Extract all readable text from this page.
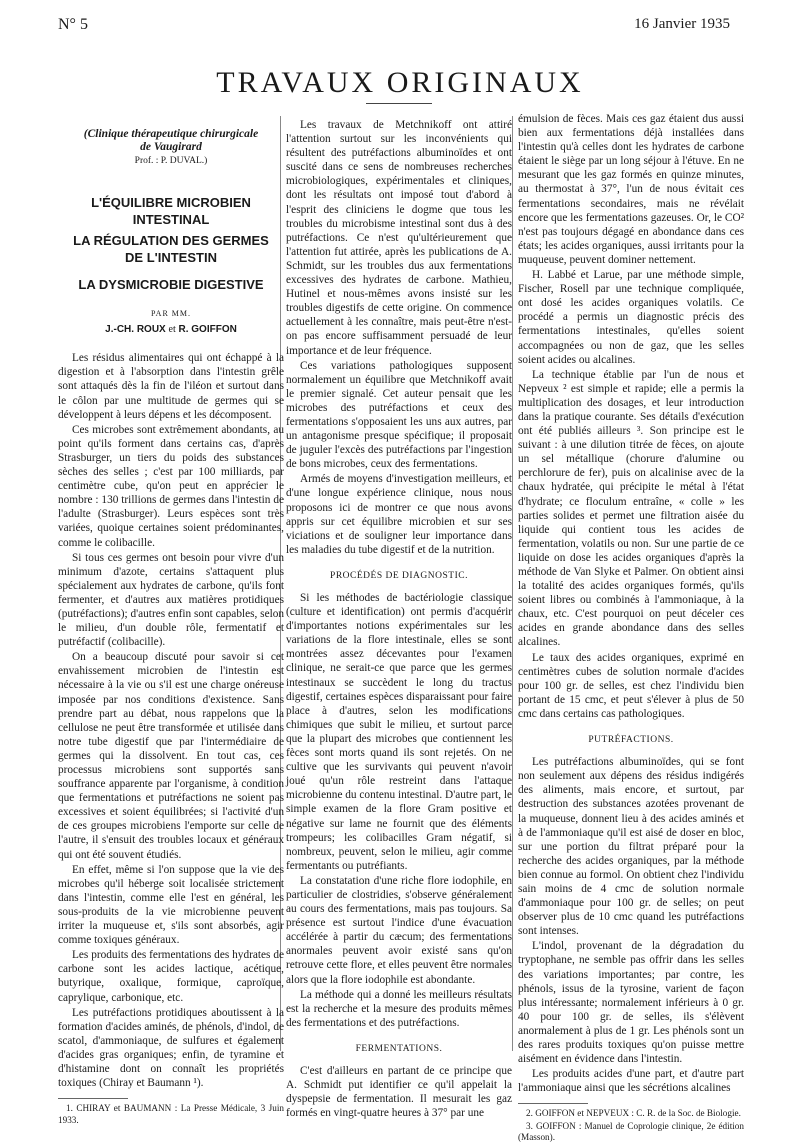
N° 5	16 Janvier 1935
TRAVAUX ORIGINAUX
(Clinique thérapeutique chirurgicale
de Vaugirard
Prof. : P. DUVAL.)
L'ÉQUILIBRE MICROBIEN
INTESTINAL
LA RÉGULATION DES GERMES
DE L'INTESTIN
LA DYSMICROBIE DIGESTIVE
PAR MM.
J.-CH. ROUX et R. GOIFFON

Les résidus alimentaires qui ont échappé à la digestion et à l'absorption dans l'intestin grêle sont attaqués dès la fin de l'iléon et surtout dans le côlon par une multitude de germes qui se développent à leurs dépens et les décomposent.

Ces microbes sont extrêmement abondants, au point qu'ils forment dans certains cas, d'après Strasburger, un tiers du poids des substances sèches des selles ; c'est par 100 milliards, par centimètre cube, qu'on peut en apprécier le nombre : 130 trillions de germes dans l'intestin de l'adulte (Strasburger). Leurs espèces sont très variées, quoique certaines soient prédominantes, comme le colibacille.

Si tous ces germes ont besoin pour vivre d'un minimum d'azote, certains s'attaquent plus spécialement aux hydrates de carbone, qu'ils font fermenter, et d'autres aux matières protidiques (putréfactions); d'autres enfin sont capables, selon le milieu, d'un double rôle, fermentatif et putréfactif (colibacille).

On a beaucoup discuté pour savoir si cet envahissement microbien de l'intestin est nécessaire à la vie ou s'il est une charge onéreuse imposée par nos conditions d'existence. Sans prendre part au débat, nous rappelons que la cellulose ne peut être transformée et utilisée dans notre tube digestif que par l'intermédiaire de germes qui la dissolvent. En tout cas, ces processus microbiens sont supportés sans souffrance apparente par l'organisme, à condition que fermentations et putréfactions ne soient pas excessives et soient équilibrées; si l'activité d'un de ces groupes microbiens l'emporte sur celle de l'autre, il s'ensuit des troubles locaux et généraux qui ont été souvent étudiés.

En effet, même si l'on suppose que la vie des microbes qu'il héberge soit localisée strictement dans l'intestin, comme elle l'est en général, les sous-produits de la vie microbienne peuvent irriter la muqueuse et, s'ils sont absorbés, agir comme toxiques généraux.

Les produits des fermentations des hydrates de carbone sont les acides lactique, acétique, butyrique, oxalique, formique, caproïque, caprylique, carbonique, etc.

Les putréfactions protidiques aboutissent à la formation d'acides aminés, de phénols, d'indol, de scatol, d'ammoniaque, de sulfures et également d'acides gras organiques; enfin, de tyramine et d'histamine dont on connaît les propriétés toxiques (Chiray et Baumann ¹).

1. CHIRAY et BAUMANN : La Presse Médicale, 3 Juin 1933.

Les travaux de Metchnikoff ont attiré l'attention surtout sur les inconvénients qui résultent des putréfactions albuminoïdes et ont suscité dans ce sens de nombreuses recherches microbiologiques, expérimentales et cliniques, dont les résultats ont imposé tout d'abord à l'esprit des cliniciens le dogme que tous les troubles du microbisme intestinal sont dus à des putréfactions. Ce n'est qu'ultérieurement que l'attention fut attirée, après les publications de A. Schmidt, sur les troubles dus aux fermentations excessives des hydrates de carbone. Mathieu, Hutinel et nous-mêmes avons insisté sur les troubles digestifs de cette origine. On commence actuellement à les connaître, mais peut-être n'est-on pas encore suffisamment persuadé de leur importance et de leur fréquence.

Ces variations pathologiques supposent normalement un équilibre que Metchnikoff avait le premier signalé. Cet auteur pensait que les microbes des putréfactions et ceux des fermentations s'opposaient les uns aux autres, par un antagonisme presque spécifique; il proposait de juguler l'excès des putréfactions par l'ingestion de bons microbes, ceux des fermentations.

Armés de moyens d'investigation meilleurs, et d'une longue expérience clinique, nous nous proposons ici de montrer ce que nous avons appris sur cet équilibre microbien et sur ses viciations et de souligner leur importance dans les maladies du tube digestif et de la nutrition.

PROCÉDÉS DE DIAGNOSTIC.

Si les méthodes de bactériologie classique (culture et identification) ont permis d'acquérir d'importantes notions expérimentales sur les variations de la flore intestinale, elles se sont montrées assez décevantes pour l'examen clinique, ne serait-ce que parce que les germes intestinaux se succèdent le long du tractus digestif, certaines espèces disparaissant pour faire place à d'autres, selon les modifications chimiques que subit le milieu, et surtout parce que la plupart des microbes que contiennent les fèces sont morts quand ils sont rejetés. On ne cultive que les survivants qui peuvent n'avoir joué qu'un rôle restreint dans l'attaque microbienne du contenu intestinal. D'autre part, le simple examen de la flore Gram positive et négative sur lame ne fournit que des éléments trompeurs; les colibacilles Gram négatif, si nombreux, peuvent, selon le milieu, agir comme fermentants ou putréfiants.

La constatation d'une riche flore iodophile, en particulier de clostridies, s'observe généralement au cours des fermentations, mais pas toujours. Sa présence est surtout l'indice d'une évacuation accélérée à partir du cæcum; des fermentations anormales peuvent avoir existé sans qu'on retrouve cette flore, et elles peuvent être normales alors que la flore iodophile est abondante.

La méthode qui a donné les meilleurs résultats est la recherche et la mesure des produits mêmes des fermentations et des putréfactions.

FERMENTATIONS.

C'est d'ailleurs en partant de ce principe que A. Schmidt put identifier ce qu'il appelait la dyspepsie de fermentation. Il mesurait les gaz formés en vingt-quatre heures à 37° par une

émulsion de fèces. Mais ces gaz étaient dus aussi bien aux fermentations déjà installées dans l'intestin qu'à celles dont les hydrates de carbone étaient le siège par un long séjour à l'étuve. En ne mesurant que les gaz formés en quinze minutes, au thermostat à 37°, l'un de nous évitait ces fermentations secondaires, mais ne révélait encore que les fermentations gazeuses. Or, le CO² n'est pas toujours dégagé en abondance dans ces états; les acides organiques, aussi irritants pour la muqueuse, peuvent dominer nettement.

H. Labbé et Larue, par une méthode simple, Fischer, Rosell par une technique compliquée, ont dosé les acides organiques volatils. Ce procédé a permis un diagnostic précis des fermentations intestinales, qu'elles soient accompagnées ou non de gaz, que les selles soient acides ou alcalines.

La technique établie par l'un de nous et Nepveux ² est simple et rapide; elle a permis la multiplication des dosages, et leur introduction dans la pratique courante. Ses détails d'exécution ont été publiés ailleurs ³. Son principe est le suivant : à une dilution titrée de fèces, on ajoute un sel métallique (chorure d'alumine ou perchlorure de fer), puis on alcalinise avec de la chaux hydratée, qui précipite le métal à l'état d'hydrate; ce floculum entraîne, « colle » les parties solides et permet une filtration aisée du liquide qui contient tous les acides de fermentation, volatils ou non. Sur une partie de ce liquide on dose les acides organiques d'après la méthode de Van Slyke et Palmer. On obtient ainsi la totalité des acides organiques formés, qu'ils soient libres ou combinés à l'ammoniaque, à la chaux, etc. C'est pourquoi on peut déceler ces acides en grande abondance dans des selles alcalines.

Le taux des acides organiques, exprimé en centimètres cubes de solution normale d'acides pour 100 gr. de selles, est chez l'individu bien portant de 15 cmc, et peut s'élever à plus de 50 cmc dans certains cas pathologiques.

PUTRÉFACTIONS.

Les putréfactions albuminoïdes, qui se font non seulement aux dépens des résidus indigérés des aliments, mais encore, et surtout, par destruction des substances azotées provenant de la muqueuse, donnent lieu à des acides aminés et à de l'ammoniaque qu'il est aisé de doser en bloc, sur une portion du filtrat préparé pour la recherche des acides organiques, par la méthode bien connue au formol. On obtient chez l'individu sain moins de 4 cmc de solution normale d'ammoniaque pour 100 gr. de selles; on peut observer plus de 10 cmc quand les putréfactions sont intenses.

L'indol, provenant de la dégradation du tryptophane, ne semble pas offrir dans les selles des variations importantes; par contre, les phénols, issus de la tyrosine, varient de façon plus intéressante; normalement inférieurs à 0 gr. 40 pour 100 gr. de selles, ils s'élèvent anormalement à plus de 1 gr. Les phénols sont un des rares produits toxiques qu'on puisse mettre aisément en évidence dans l'intestin.

Les produits acides d'une part, et d'autre part l'ammoniaque ainsi que les sécrétions alcalines

2. GOIFFON et NEPVEUX : C. R. de la Soc. de Biologie.

3. GOIFFON : Manuel de Coprologie clinique, 2e édition (Masson).
